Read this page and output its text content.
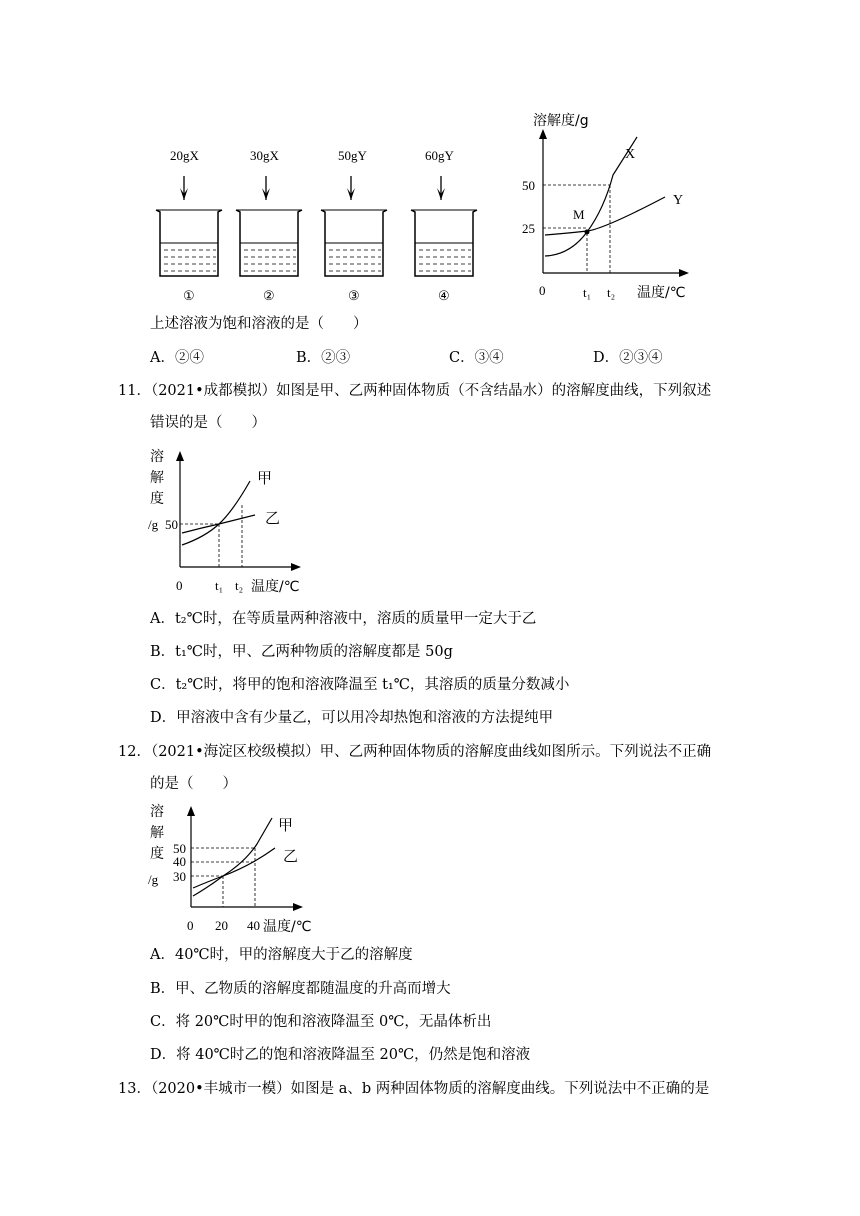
20gX
①
30gX
②
50gY
③
60gY
④
溶解度/g
M
X
Y
50
25
0	t₁ t₂ 温度/℃
上述溶液为饱和溶液的是（　　）
A．②④	B．②③	C．③④	D．②③④
11．（2021•成都模拟）如图是甲、乙两种固体物质（不含结晶水）的溶解度曲线，下列叙述
错误的是（　　）
溶
解
度
/g 50
甲
乙
0	t₁ t₂ 温度/℃
A．t₂℃时，在等质量两种溶液中，溶质的质量甲一定大于乙
B．t₁℃时，甲、乙两种物质的溶解度都是 50g
C．t₂℃时，将甲的饱和溶液降温至 t₁℃，其溶质的质量分数减小
D．甲溶液中含有少量乙，可以用冷却热饱和溶液的方法提纯甲
12．（2021•海淀区校级模拟）甲、乙两种固体物质的溶解度曲线如图所示。下列说法不正确
的是（　　）
溶
解
度
/g
50
40
30
甲
乙
0 20 40 温度/℃
A．40℃时，甲的溶解度大于乙的溶解度
B．甲、乙物质的溶解度都随温度的升高而增大
C．将 20℃时甲的饱和溶液降温至 0℃，无晶体析出
D．将 40℃时乙的饱和溶液降温至 20℃，仍然是饱和溶液
13．（2020•丰城市一模）如图是 a、b 两种固体物质的溶解度曲线。下列说法中不正确的是
